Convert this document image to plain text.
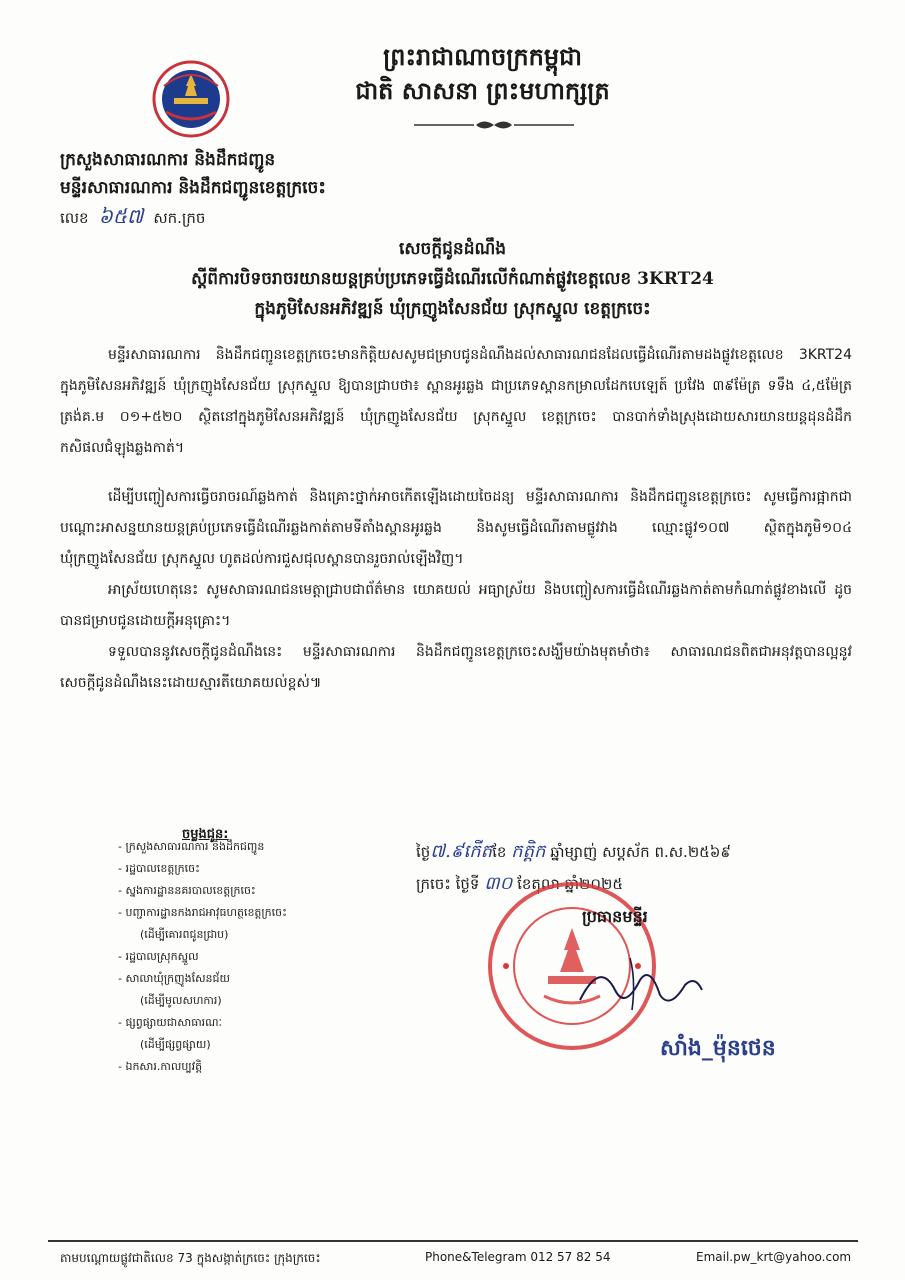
ព្រះរាជាណាចក្រកម្ពុជា
ជាតិ សាសនា ព្រះមហាក្សត្រ
ក្រសួងសាធារណការ និងដឹកជញ្ជូន
មន្ទីរសាធារណការ និងដឹកជញ្ជូនខេត្តក្រចេះ
លេខ ៦៥៧ សក.ក្រច
សេចក្តីជូនដំណឹង
ស្តីពីការបិទចរាចរយានយន្តគ្រប់ប្រភេទធ្វើដំណើរលើកំណាត់ផ្លូវខេត្តលេខ 3KRT24
ក្នុងភូមិសែនអភិវឌ្ឍន៍ ឃុំក្រញូងសែនជ័យ ស្រុកស្នួល ខេត្តក្រចេះ

មន្ទីរសាធារណការ និងដឹកជញ្ជូនខេត្តក្រចេះមានកិត្តិយសសូមជម្រាបជូនដំណឹងដល់សាធារណជនដែលធ្វើដំណើរតាមដងផ្លូវខេត្តលេខ 3KRT24 ក្នុងភូមិសែនអភិវឌ្ឍន៍ ឃុំក្រញូងសែនជ័យ ស្រុកស្នួល ឱ្យបានជ្រាបថា៖ ស្ពានអូរឆ្លង ជាប្រភេទស្ពានកម្រាលដែកបេឡេត៍ ប្រវែង ៣៩ម៉ែត្រ ទទឹង ៤,៥ម៉ែត្រ ត្រង់គ.ម ០១+៥២០ ស្ថិតនៅក្នុងភូមិសែនអភិវឌ្ឍន៍ ឃុំក្រញូងសែនជ័យ ស្រុកស្នួល ខេត្តក្រចេះ បានបាក់ទាំងស្រុងដោយសារយានយន្តដុនដំដឹកកសិផលជំឡុងឆ្លងកាត់។

ដើម្បីបញ្ចៀសការធ្វើចរាចរណ៍ឆ្លងកាត់ និងគ្រោះថ្នាក់អាចកើតឡើងដោយចៃដន្យ មន្ទីរសាធារណការ និងដឹកជញ្ជូនខេត្តក្រចេះ សូមធ្វើការផ្អាកជាបណ្តោះអាសន្នយានយន្តគ្រប់ប្រភេទធ្វើដំណើរឆ្លងកាត់តាមទីតាំងស្ពានអូរឆ្លង និងសូមធ្វើដំណើរតាមផ្លូវវាង ឈ្មោះផ្លូវ១០៧ ស្ថិតក្នុងភូមិ១០៤ ឃុំក្រញូងសែនជ័យ ស្រុកស្នួល ហូតដល់ការជួសជុលស្ពានបានរួចរាល់ឡើងវិញ។

អាស្រ័យហេតុនេះ សូមសាធារណជនមេត្តាជ្រាបជាព័ត៌មាន យោគយល់ អធ្យាស្រ័យ និងបញ្ចៀសការធ្វើដំណើរឆ្លងកាត់តាមកំណាត់ផ្លូវខាងលើ ដូចបានជម្រាបជូនដោយក្តីអនុគ្រោះ។

ទទួលបាននូវសេចក្តីជូនដំណឹងនេះ មន្ទីរសាធារណការ និងដឹកជញ្ជូនខេត្តក្រចេះសង្ឃឹមយ៉ាងមុតមាំថា៖ សាធារណជនពិតជាអនុវត្តបានល្អនូវសេចក្តីជូនដំណឹងនេះដោយស្មារតីយោគយល់ខ្ពស់៕

ចម្លងជូន:
- ក្រសួងសាធារណការ និងដឹកជញ្ជូន
- រដ្ឋបាលខេត្តក្រចេះ
- ស្នងការដ្ឋាននគរបាលខេត្តក្រចេះ
- បញ្ជាការដ្ឋានកងរាជអាវុធហត្ថខេត្តក្រចេះ
(ដើម្បីគោរពជូនជ្រាប)
- រដ្ឋបាលស្រុកស្នួល
- សាលាឃុំក្រញូងសែនជ័យ
(ដើម្បីមូលសហការ)
- ផ្សព្វផ្សាយជាសាធារណៈ
(ដើម្បីផ្សព្វផ្សាយ)
- ឯកសារ.កាលប្បវត្តិ
ថ្ងៃ៧.៩កើតខែ កត្តិក ឆ្នាំម្សាញ់ សប្តស័ក ព.ស.២៥៦៩
ក្រចេះ ថ្ងៃទី ៣០ ខែតុលា ឆ្នាំ២០២៥
ប្រធានមន្ទីរ
សាំង_ម៉ុនថេន
តាមបណ្តោយផ្លូវជាតិលេខ 73 ក្នុងសង្កាត់ក្រចេះ ក្រុងក្រចេះ	Phone&Telegram 012 57 82 54	Email.pw_krt@yahoo.com
